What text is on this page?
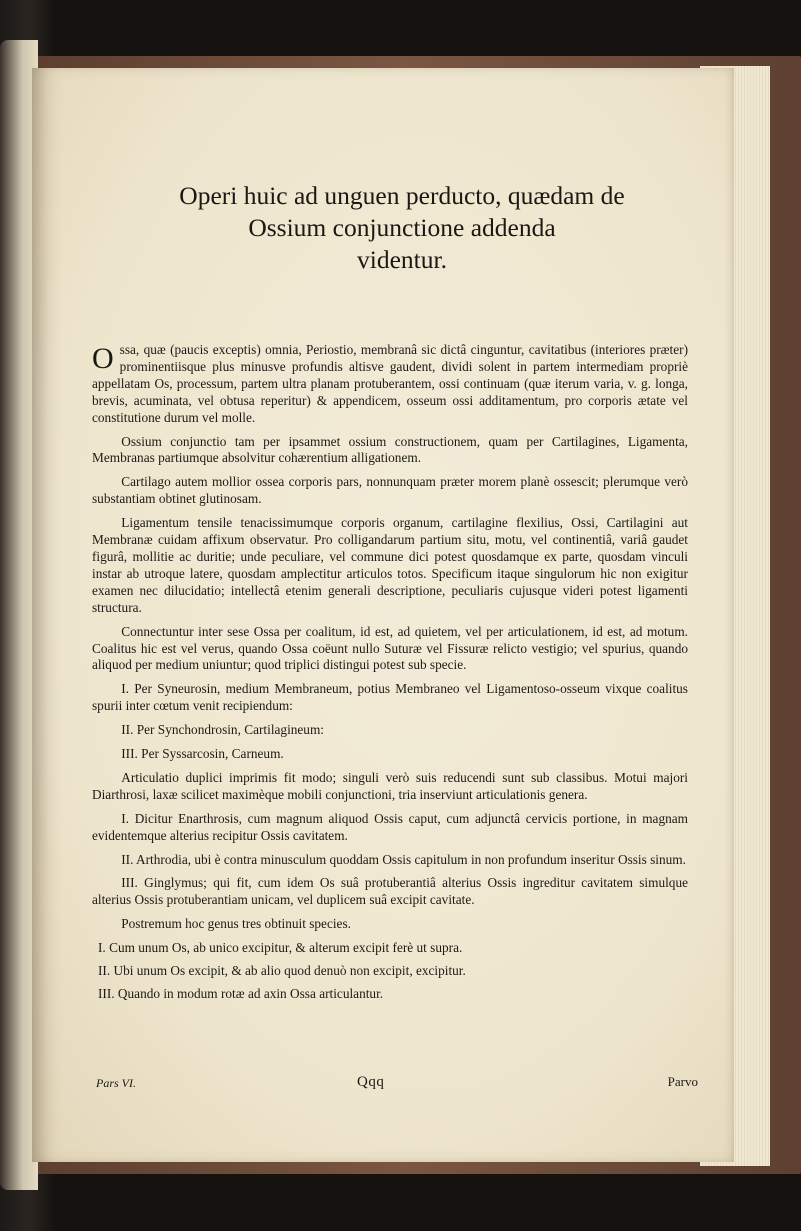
Operi huic ad unguen perducto, quædam de
Ossium conjunctione addenda
videntur.

Ossa, quæ (paucis exceptis) omnia, Periostio, membranâ sic dictâ cinguntur, cavitatibus (interiores præter) prominentiisque plus minusve profundis altisve gaudent, dividi solent in partem intermediam propriè appellatam Os, processum, partem ultra planam protuberantem, ossi continuam (quæ iterum varia, v. g. longa, brevis, acuminata, vel obtusa reperitur) & appendicem, osseum ossi additamentum, pro corporis ætate vel constitutione durum vel molle.

Ossium conjunctio tam per ipsammet ossium constructionem, quam per Cartilagines, Ligamenta, Membranas partiumque absolvitur cohærentium alligationem.

Cartilago autem mollior ossea corporis pars, nonnunquam præter morem planè ossescit; plerumque verò substantiam obtinet glutinosam.

Ligamentum tensile tenacissimumque corporis organum, cartilagine flexilius, Ossi, Cartilagini aut Membranæ cuidam affixum observatur. Pro colligandarum partium situ, motu, vel continentiâ, variâ gaudet figurâ, mollitie ac duritie; unde peculiare, vel commune dici potest quosdamque ex parte, quosdam vinculi instar ab utroque latere, quosdam amplectitur articulos totos. Specificum itaque singulorum hic non exigitur examen nec dilucidatio; intellectâ etenim generali descriptione, peculiaris cujusque videri potest ligamenti structura.

Connectuntur inter sese Ossa per coalitum, id est, ad quietem, vel per articulationem, id est, ad motum. Coalitus hic est vel verus, quando Ossa coëunt nullo Suturæ vel Fissuræ relicto vestigio; vel spurius, quando aliquod per medium uniuntur; quod triplici distingui potest sub specie.

I. Per Syneurosin, medium Membraneum, potius Membraneo vel Ligamentoso-osseum vixque coalitus spurii inter cœtum venit recipiendum:

II. Per Synchondrosin, Cartilagineum:

III. Per Syssarcosin, Carneum.

Articulatio duplici imprimis fit modo; singuli verò suis reducendi sunt sub classibus. Motui majori Diarthrosi, laxæ scilicet maximèque mobili conjunctioni, tria inserviunt articulationis genera.

I. Dicitur Enarthrosis, cum magnum aliquod Ossis caput, cum adjunctâ cervicis portione, in magnam evidentemque alterius recipitur Ossis cavitatem.

II. Arthrodia, ubi è contra minusculum quoddam Ossis capitulum in non profundum inseritur Ossis sinum.

III. Ginglymus; qui fit, cum idem Os suâ protuberantiâ alterius Ossis ingreditur cavitatem simulque alterius Ossis protuberantiam unicam, vel duplicem suâ excipit cavitate.

Postremum hoc genus tres obtinuit species.

I. Cum unum Os, ab unico excipitur, & alterum excipit ferè ut supra.

II. Ubi unum Os excipit, & ab alio quod denuò non excipit, excipitur.

III. Quando in modum rotæ ad axin Ossa articulantur.

Pars VI.	Qqq	Parvo
